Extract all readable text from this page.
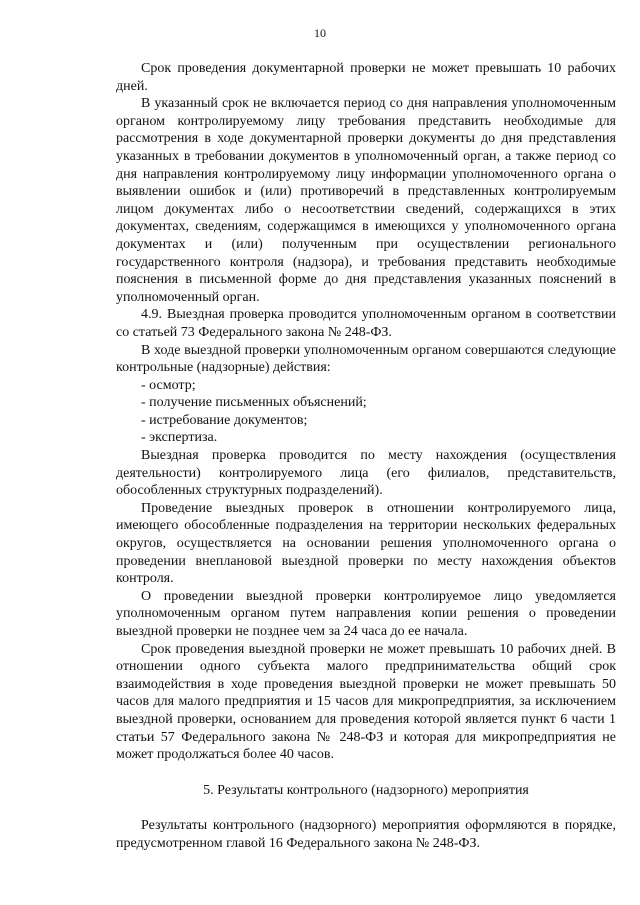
10

Срок проведения документарной проверки не может превышать 10 рабочих дней.

В указанный срок не включается период со дня направления уполномоченным органом контролируемому лицу требования представить необходимые для рассмотрения в ходе документарной проверки документы до дня представления указанных в требовании документов в уполномоченный орган, а также период со дня направления контролируемому лицу информации уполномоченного органа о выявлении ошибок и (или) противоречий в представленных контролируемым лицом документах либо о несоответствии сведений, содержащихся в этих документах, сведениям, содержащимся в имеющихся у уполномоченного органа документах и (или) полученным при осуществлении регионального государственного контроля (надзора), и требования представить необходимые пояснения в письменной форме до дня представления указанных пояснений в уполномоченный орган.

4.9. Выездная проверка проводится уполномоченным органом в соответствии со статьей 73 Федерального закона № 248-ФЗ.

В ходе выездной проверки уполномоченным органом совершаются следующие контрольные (надзорные) действия:

- осмотр;

- получение письменных объяснений;

- истребование документов;

- экспертиза.

Выездная проверка проводится по месту нахождения (осуществления деятельности) контролируемого лица (его филиалов, представительств, обособленных структурных подразделений).

Проведение выездных проверок в отношении контролируемого лица, имеющего обособленные подразделения на территории нескольких федеральных округов, осуществляется на основании решения уполномоченного органа о проведении внеплановой выездной проверки по месту нахождения объектов контроля.

О проведении выездной проверки контролируемое лицо уведомляется уполномоченным органом путем направления копии решения о проведении выездной проверки не позднее чем за 24 часа до ее начала.

Срок проведения выездной проверки не может превышать 10 рабочих дней. В отношении одного субъекта малого предпринимательства общий срок взаимодействия в ходе проведения выездной проверки не может превышать 50 часов для малого предприятия и 15 часов для микропредприятия, за исключением выездной проверки, основанием для проведения которой является пункт 6 части 1 статьи 57 Федерального закона № 248-ФЗ и которая для микропредприятия не может продолжаться более 40 часов.

5. Результаты контрольного (надзорного) мероприятия

Результаты контрольного (надзорного) мероприятия оформляются в порядке, предусмотренном главой 16 Федерального закона № 248-ФЗ.
